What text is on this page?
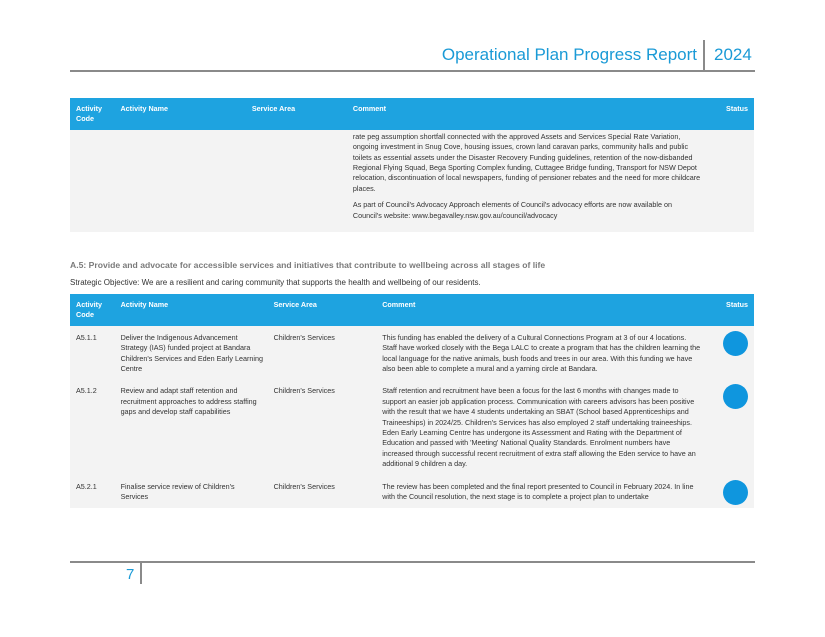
Operational Plan Progress Report 2024
Activity Code	Activity Name	Service Area	Comment	Status

			rate peg assumption shortfall connected with the approved Assets and Services Special Rate Variation, ongoing investment in Snug Cove, housing issues, crown land caravan parks, community halls and public toilets as essential assets under the Disaster Recovery Funding guidelines, retention of the now-disbanded Regional Flying Squad, Bega Sporting Complex funding, Cuttagee Bridge funding, Transport for NSW Depot relocation, discontinuation of local newspapers, funding of pensioner rebates and the need for more childcare places.

As part of Council's Advocacy Approach elements of Council's advocacy efforts are now available on Council's website: www.begavalley.nsw.gov.au/council/advocacy	

A.5: Provide and advocate for accessible services and initiatives that contribute to wellbeing across all stages of life
Strategic Objective: We are a resilient and caring community that supports the health and wellbeing of our residents.
Activity Code	Activity Name	Service Area	Comment	Status
A5.1.1	Deliver the Indigenous Advancement Strategy (IAS) funded project at Bandara Children's Services and Eden Early Learning Centre	Children's Services	This funding has enabled the delivery of a Cultural Connections Program at 3 of our 4 locations. Staff have worked closely with the Bega LALC to create a program that has the children learning the local language for the native animals, bush foods and trees in our area. With this funding we have also been able to complete a mural and a yarning circle at Bandara.	
A5.1.2	Review and adapt staff retention and recruitment approaches to address staffing gaps and develop staff capabilities	Children's Services	Staff retention and recruitment have been a focus for the last 6 months with changes made to support an easier job application process. Communication with careers advisors has been positive with the result that we have 4 students undertaking an SBAT (School based Apprenticeships and Traineeships) in 2024/25. Children's Services has also employed 2 staff undertaking traineeships. Eden Early Learning Centre has undergone its Assessment and Rating with the Department of Education and passed with 'Meeting' National Quality Standards. Enrolment numbers have increased through successful recent recruitment of extra staff allowing the Eden service to have an additional 9 children a day.	
A5.2.1	Finalise service review of Children's Services	Children's Services	The review has been completed and the final report presented to Council in February 2024. In line with the Council resolution, the next stage is to complete a project plan to undertake	
7
